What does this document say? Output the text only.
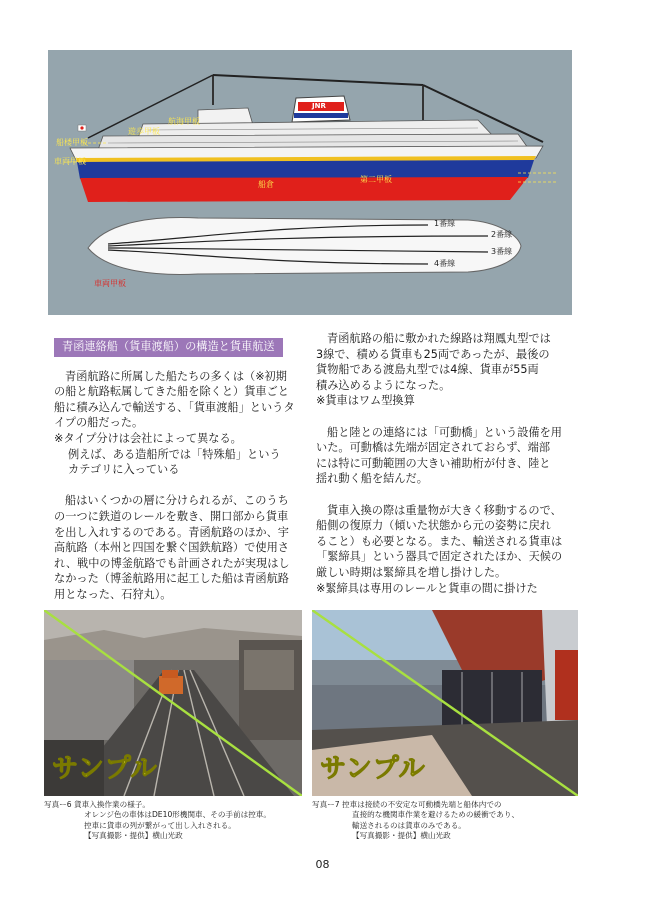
航海甲板
遊歩甲板
船楼甲板
車両甲板
船倉
第二甲板
JNR
1番線
2番線
3番線
4番線
車両甲板
青函連絡船（貨車渡船）の構造と貨車航送

青函航路に所属した船たちの多くは（※初期
の船と航路転属してきた船を除くと）貨車ごと
船に積み込んで輸送する、「貨車渡船」というタ
イプの船だった。

※タイプ分けは会社によって異なる。

例えば、ある造船所では「特殊船」という
カテゴリに入っている

船はいくつかの層に分けられるが、このうち
の一つに鉄道のレールを敷き、開口部から貨車
を出し入れするのである。青函航路のほか、宇
高航路（本州と四国を繋ぐ国鉄航路）で使用さ
れ、戦中の博釜航路でも計画されたが実現はし
なかった（博釜航路用に起工した船は青函航路
用となった、石狩丸）。

青函航路の船に敷かれた線路は翔鳳丸型では
3線で、積める貨車も25両であったが、最後の
貨物船である渡島丸型では4線、貨車が55両
積み込めるようになった。

※貨車はワム型換算

船と陸との連絡には「可動橋」という設備を用
いた。可動橋は先端が固定されておらず、端部
には特に可動範囲の大きい補助桁が付き、陸と
揺れ動く船を結んだ。

貨車入換の際は重量物が大きく移動するので、
船側の復原力（傾いた状態から元の姿勢に戻れ
ること）も必要となる。また、輸送される貨車は
「緊締具」という器具で固定されたほか、天候の
厳しい時期は緊締具を増し掛けした。

※緊締具は専用のレールと貨車の間に掛けた

サンプル	サンプル
写真ー6 貨車入換作業の様子。
オレンジ色の車体はDE10形機関車、その手前は控車。
控車に貨車の列が繋がって出し入れされる。
【写真撮影・提供】横山光政
写真ー7 控車は接続の不安定な可動橋先端と船体内での
直接的な機関車作業を避けるための緩衝であり、
輸送されるのは貨車のみである。
【写真撮影・提供】横山光政
08
